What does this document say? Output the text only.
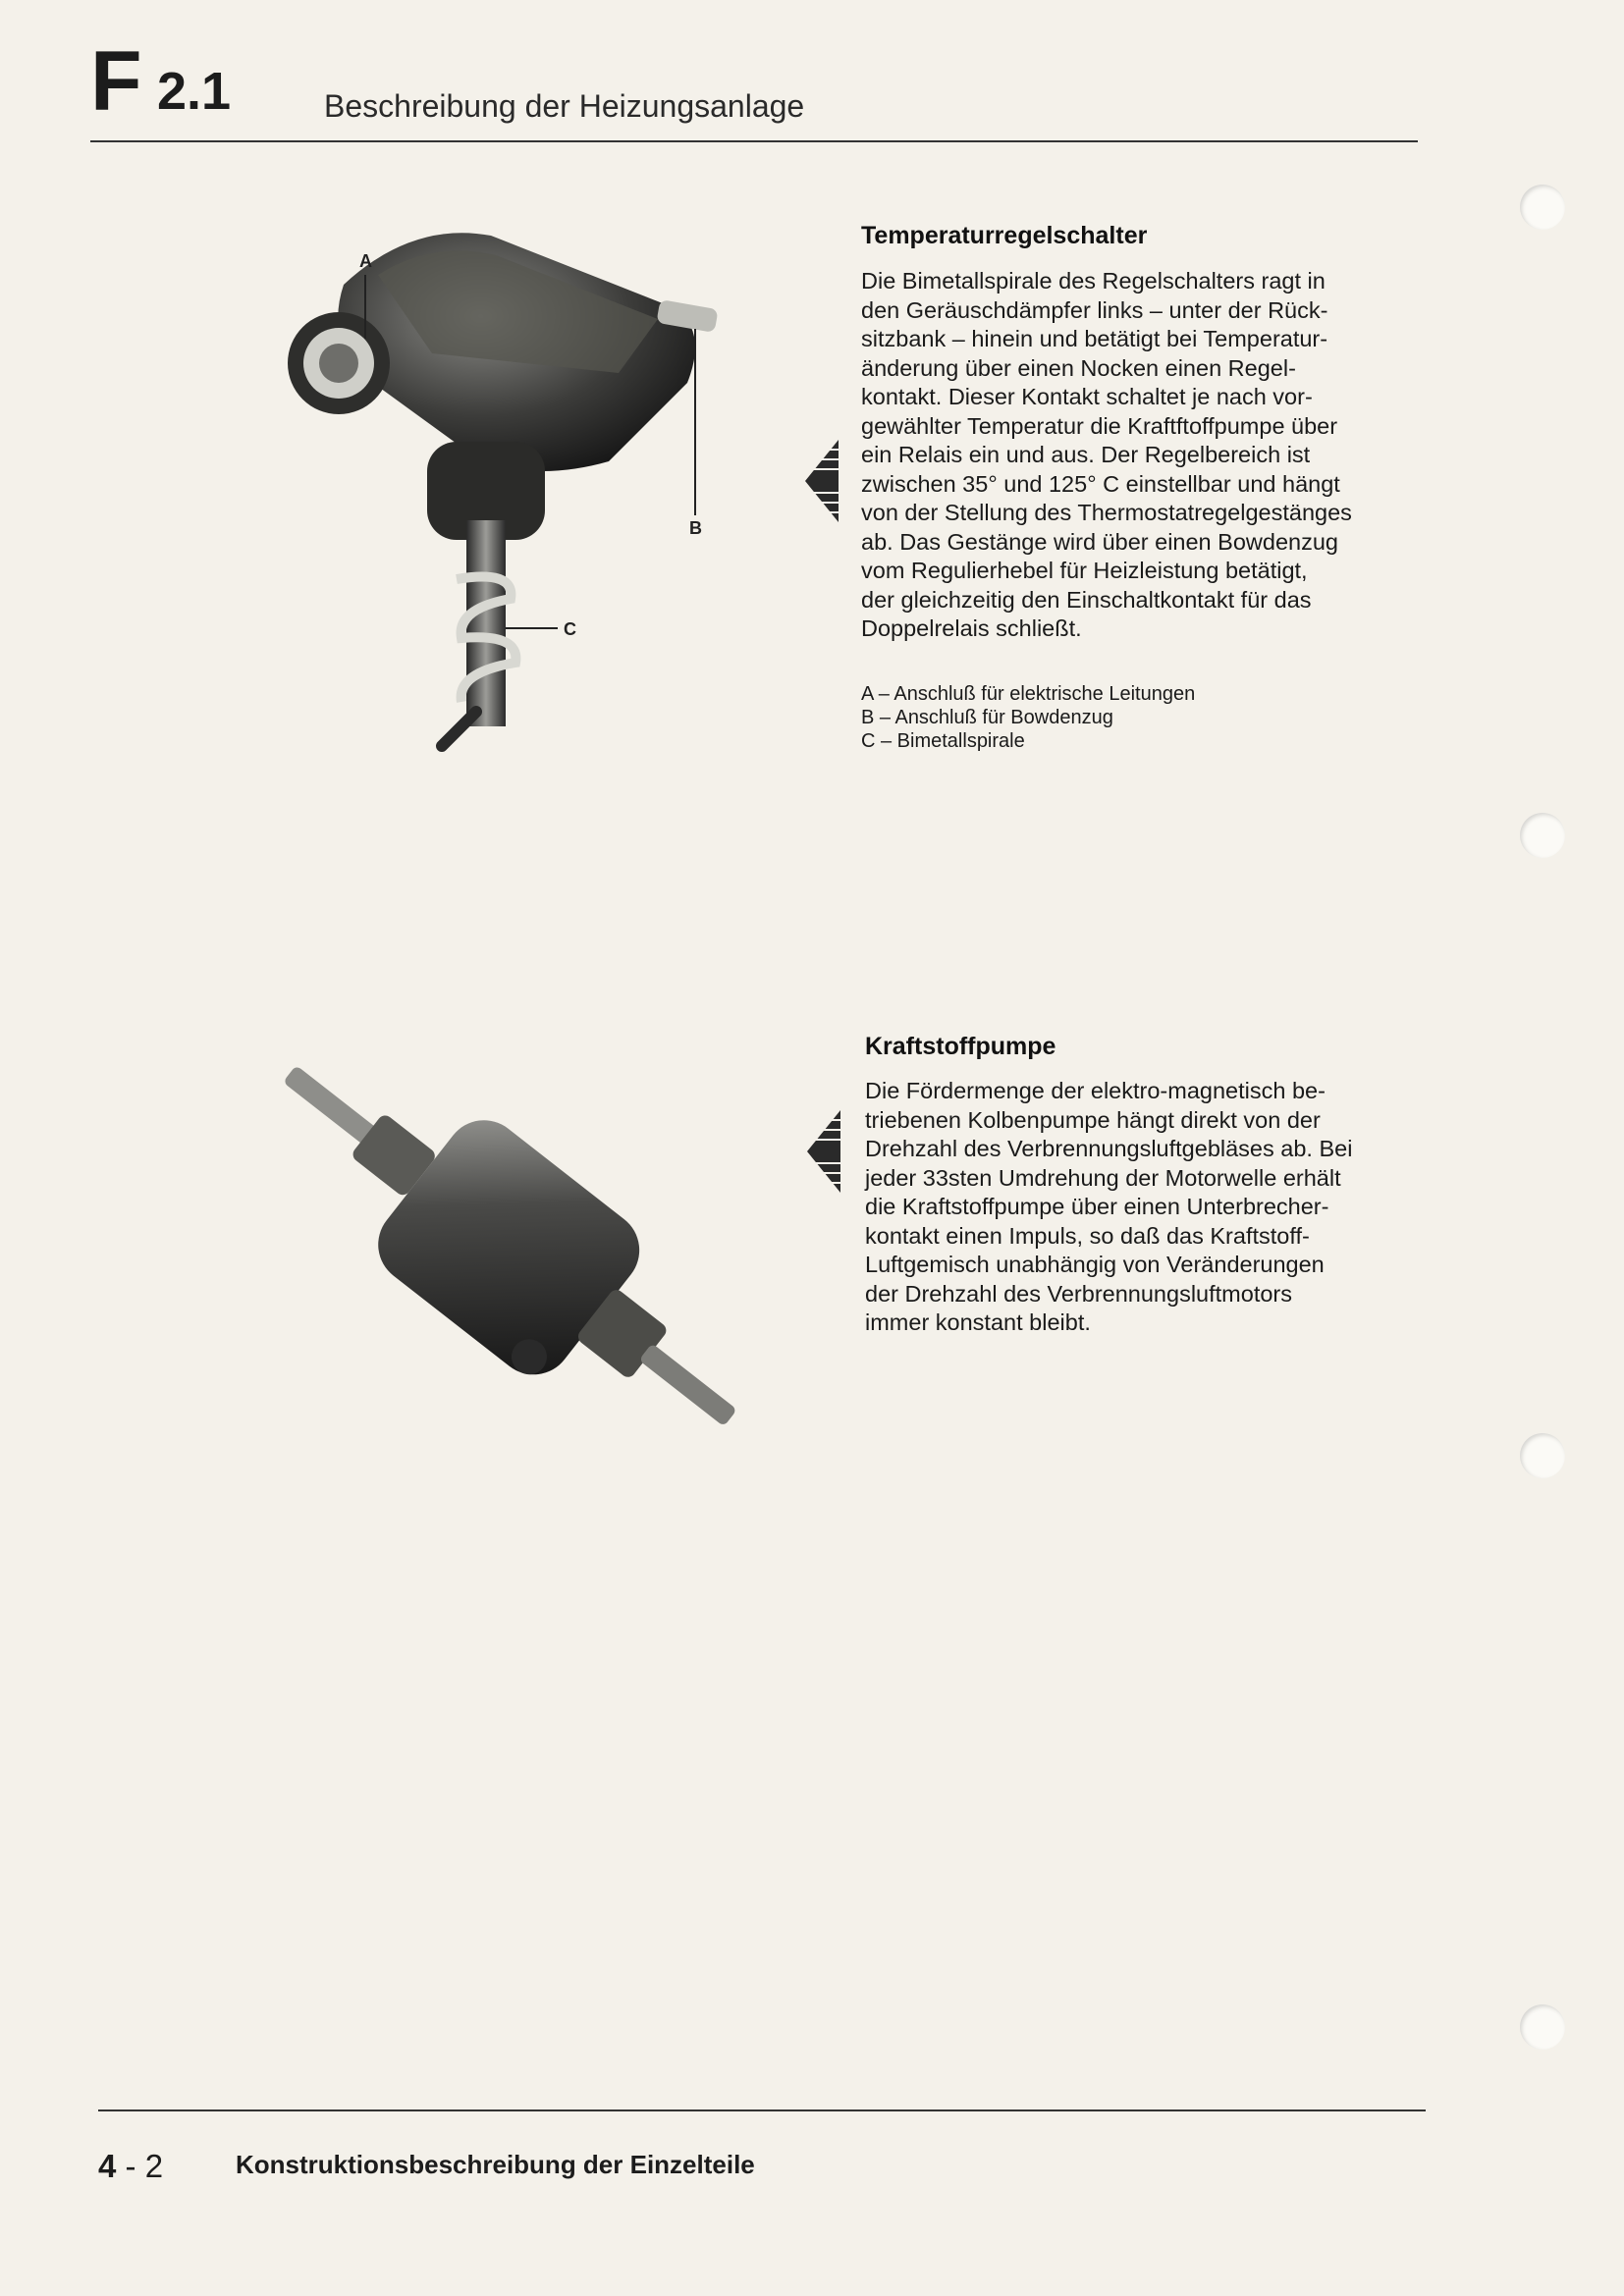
F 2.1	Beschreibung der Heizungsanlage
A
B
C
Temperaturregelschalter
Die Bimetallspirale des Regelschalters ragt in
den Geräuschdämpfer links – unter der Rück-
sitzbank – hinein und betätigt bei Temperatur-
änderung über einen Nocken einen Regel-
kontakt. Dieser Kontakt schaltet je nach vor-
gewählter Temperatur die Kraftftoffpumpe über
ein Relais ein und aus. Der Regelbereich ist
zwischen 35° und 125° C einstellbar und hängt
von der Stellung des Thermostatregelgestänges
ab. Das Gestänge wird über einen Bowdenzug
vom Regulierhebel für Heizleistung betätigt,
der gleichzeitig den Einschaltkontakt für das
Doppelrelais schließt.
A – Anschluß für elektrische Leitungen
B – Anschluß für Bowdenzug
C – Bimetallspirale
Kraftstoffpumpe
Die Fördermenge der elektro-magnetisch be-
triebenen Kolbenpumpe hängt direkt von der
Drehzahl des Verbrennungsluftgebläses ab. Bei
jeder 33sten Umdrehung der Motorwelle erhält
die Kraftstoffpumpe über einen Unterbrecher-
kontakt einen Impuls, so daß das Kraftstoff-
Luftgemisch unabhängig von Veränderungen
der Drehzahl des Verbrennungsluftmotors
immer konstant bleibt.
4 - 2	Konstruktionsbeschreibung der Einzelteile
